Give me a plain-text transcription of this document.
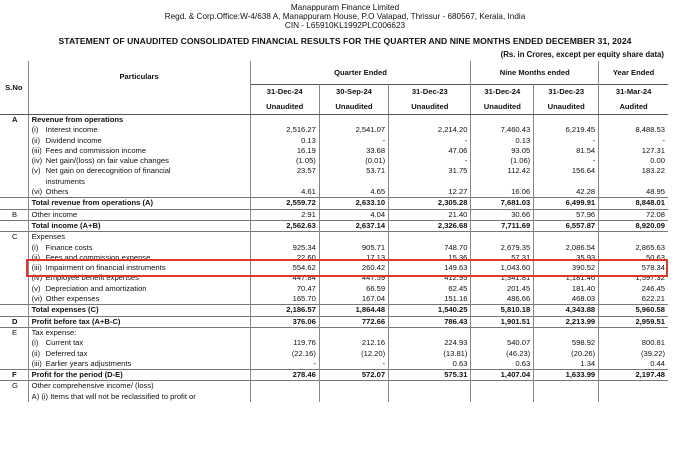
Manappuram Finance Limited
Regd. & Corp.Office:W-4/638 A, Manappuram House, P.O Valapad, Thrissur - 680567, Kerala, India
CIN - L65910KL1992PLC006623
STATEMENT OF UNAUDITED CONSOLIDATED FINANCIAL RESULTS FOR THE QUARTER AND NINE MONTHS ENDED DECEMBER 31, 2024
(Rs. in Crores, except per equity share data)
S.No	Particulars	Quarter Ended			Nine Months ended		Year Ended
		31-Dec-24	30-Sep-24	31-Dec-23	31-Dec-24	31-Dec-23	31-Mar-24
		Unaudited	Unaudited	Unaudited	Unaudited	Unaudited	Audited
A	Revenue from operations						
	(i) Interest income	2,516.27	2,541.07	2,214.20	7,460.43	6,219.45	8,488.53
	(ii) Dividend income	0.13	-	-	0.13	-	-
	(iii) Fees and commission income	16.19	33.68	47.06	93.05	81.54	127.31
	(iv) Net gain/(loss) on fair value changes	(1.05)	(0.01)	-	(1.06)	-	0.00
	(v) Net gain on derecognition of financial	23.57	53.71	31.75	112.42	156.64	183.22
	instruments						
	(vi) Others	4.61	4.65	12.27	16.06	42.28	48.95
	Total revenue from operations (A)	2,559.72	2,633.10	2,305.28	7,681.03	6,499.91	8,848.01
B	Other income	2.91	4.04	21.40	30.66	57.96	72.08
	Total income (A+B)	2,562.63	2,637.14	2,326.68	7,711.69	6,557.87	8,920.09
C	Expenses						
	(i) Finance costs	925.34	905.71	748.70	2,679.35	2,086.54	2,865.63
	(ii) Fees and commission expense	22.60	17.13	15.36	57.31	35.93	50.63
	(iii) Impairment on financial instruments	554.62	260.42	149.63	1,043.60	390.52	578.34
	(iv) Employee benefit expenses	447.84	447.59	412.95	1,341.81	1,181.46	1,597.32
	(v) Depreciation and amortization	70.47	66.59	62.45	201.45	181.40	246.45
	(vi) Other expenses	165.70	167.04	151.16	486.66	468.03	622.21
	Total expenses (C)	2,186.57	1,864.48	1,540.25	5,810.18	4,343.88	5,960.58
D	Profit before tax (A+B-C)	376.06	772.66	786.43	1,901.51	2,213.99	2,959.51
E	Tax expense:						
	(i) Current tax	119.76	212.16	224.93	540.07	598.92	800.81
	(ii) Deferred tax	(22.16)	(12.20)	(13.81)	(46.23)	(20.26)	(39.22)
	(iii) Earlier years adjustments	-	-	0.63	0.63	1.34	0.44
F	Profit for the period (D-E)	278.46	572.07	575.31	1,407.04	1,633.99	2,197.48
G	Other comprehensive income/ (loss)						
	A) (i) Items that will not be reclassified to profit or						
